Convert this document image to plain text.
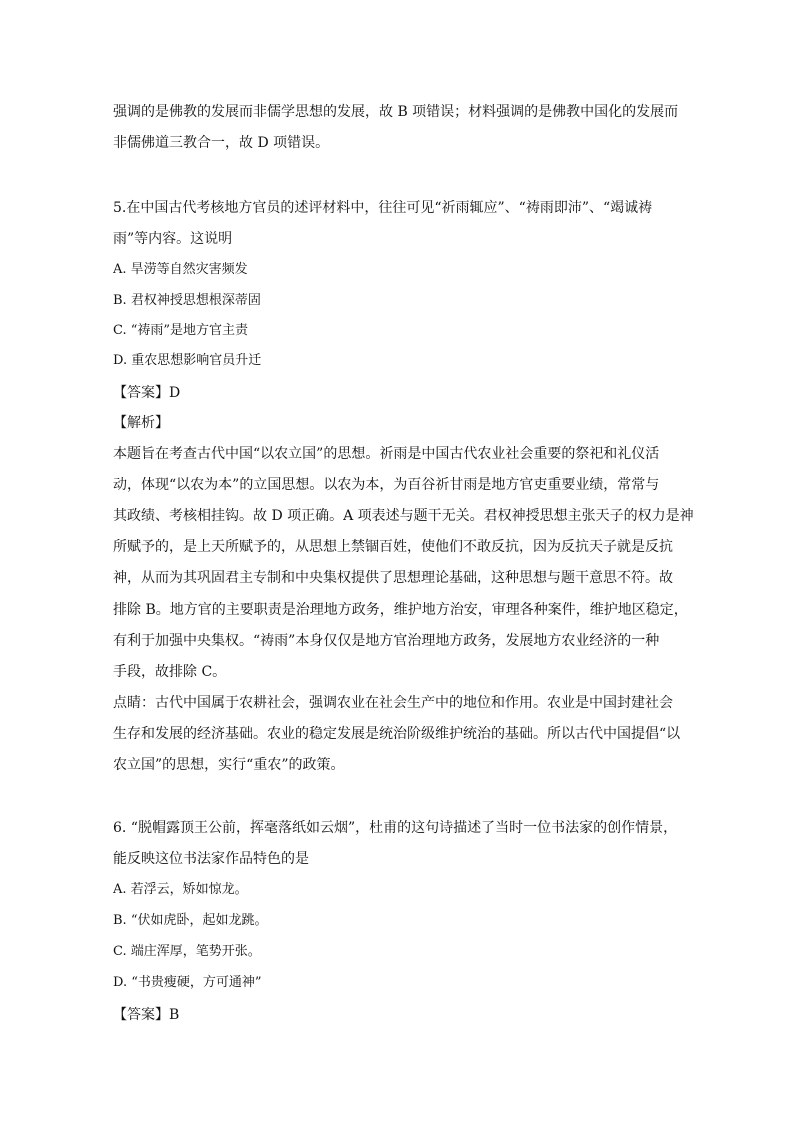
强调的是佛教的发展而非儒学思想的发展，故 B 项错误；材料强调的是佛教中国化的发展而
非儒佛道三教合一，故 D 项错误。
5.在中国古代考核地方官员的述评材料中，往往可见“祈雨辄应”、“祷雨即沛”、“竭诚祷
雨”等内容。这说明
A. 旱涝等自然灾害频发
B. 君权神授思想根深蒂固
C. “祷雨”是地方官主责
D. 重农思想影响官员升迁
【答案】D
【解析】
本题旨在考查古代中国“以农立国”的思想。祈雨是中国古代农业社会重要的祭祀和礼仪活
动，体现“以农为本”的立国思想。以农为本，为百谷祈甘雨是地方官吏重要业绩，常常与
其政绩、考核相挂钩。故 D 项正确。A 项表述与题干无关。君权神授思想主张天子的权力是神
所赋予的，是上天所赋予的，从思想上禁锢百姓，使他们不敢反抗，因为反抗天子就是反抗
神，从而为其巩固君主专制和中央集权提供了思想理论基础，这种思想与题干意思不符。故
排除 B。地方官的主要职责是治理地方政务，维护地方治安，审理各种案件，维护地区稳定，
有利于加强中央集权。“祷雨”本身仅仅是地方官治理地方政务，发展地方农业经济的一种
手段，故排除 C。
点睛：古代中国属于农耕社会，强调农业在社会生产中的地位和作用。农业是中国封建社会
生存和发展的经济基础。农业的稳定发展是统治阶级维护统治的基础。所以古代中国提倡“以
农立国”的思想，实行“重农”的政策。
6. “脱帽露顶王公前，挥毫落纸如云烟”，杜甫的这句诗描述了当时一位书法家的创作情景，
能反映这位书法家作品特色的是
A. 若浮云，矫如惊龙。
B. “伏如虎卧，起如龙跳。
C. 端庄浑厚，笔势开张。
D. “书贵瘦硬，方可通神”
【答案】B
